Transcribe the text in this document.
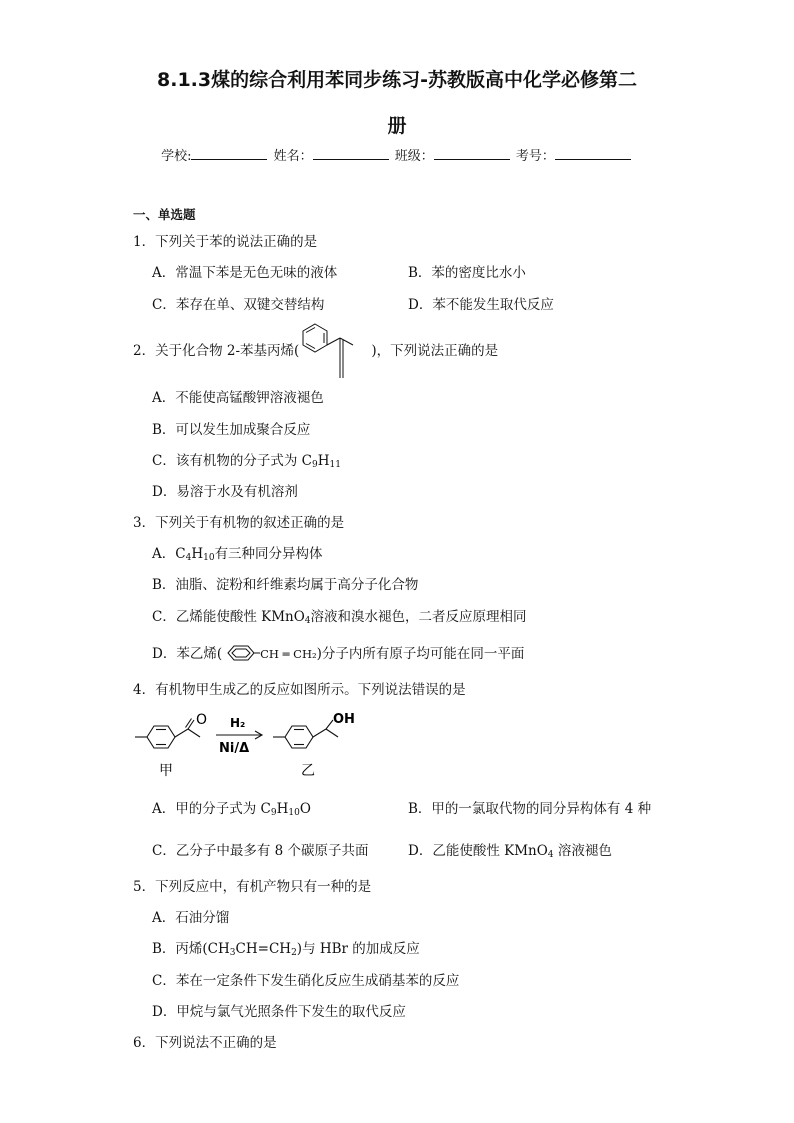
8.1.3煤的综合利用苯同步练习-苏教版高中化学必修第二
册
学校:	姓名：	班级：	考号：
一、单选题
1．下列关于苯的说法正确的是
A．常温下苯是无色无味的液体	B．苯的密度比水小
C．苯存在单、双键交替结构	D．苯不能发生取代反应
2．关于化合物 2-苯基丙烯(	)，下列说法正确的是
A．不能使高锰酸钾溶液褪色
B．可以发生加成聚合反应
C．该有机物的分子式为 $C_9H_{11}$
D．易溶于水及有机溶剂
3．下列关于有机物的叙述正确的是
A．$C_4H_{10}$有三种同分异构体
B．油脂、淀粉和纤维素均属于高分子化合物
C．乙烯能使酸性 KMnO$_4$溶液和溴水褪色，二者反应原理相同
D．苯乙烯(	CH ═ CH₂)分子内所有原子均可能在同一平面
4．有机物甲生成乙的反应如图所示。下列说法错误的是
O	OH
H₂
Ni/Δ
甲	乙
A．甲的分子式为 $C_9H_{10}O$	B．甲的一氯取代物的同分异构体有 4 种
C．乙分子中最多有 8 个碳原子共面	D．乙能使酸性 KMnO$_4$ 溶液褪色
5．下列反应中，有机产物只有一种的是
A．石油分馏
B．丙烯$(CH_3CH=CH_2)$与 HBr 的加成反应
C．苯在一定条件下发生硝化反应生成硝基苯的反应
D．甲烷与氯气光照条件下发生的取代反应
6．下列说法不正确的是
